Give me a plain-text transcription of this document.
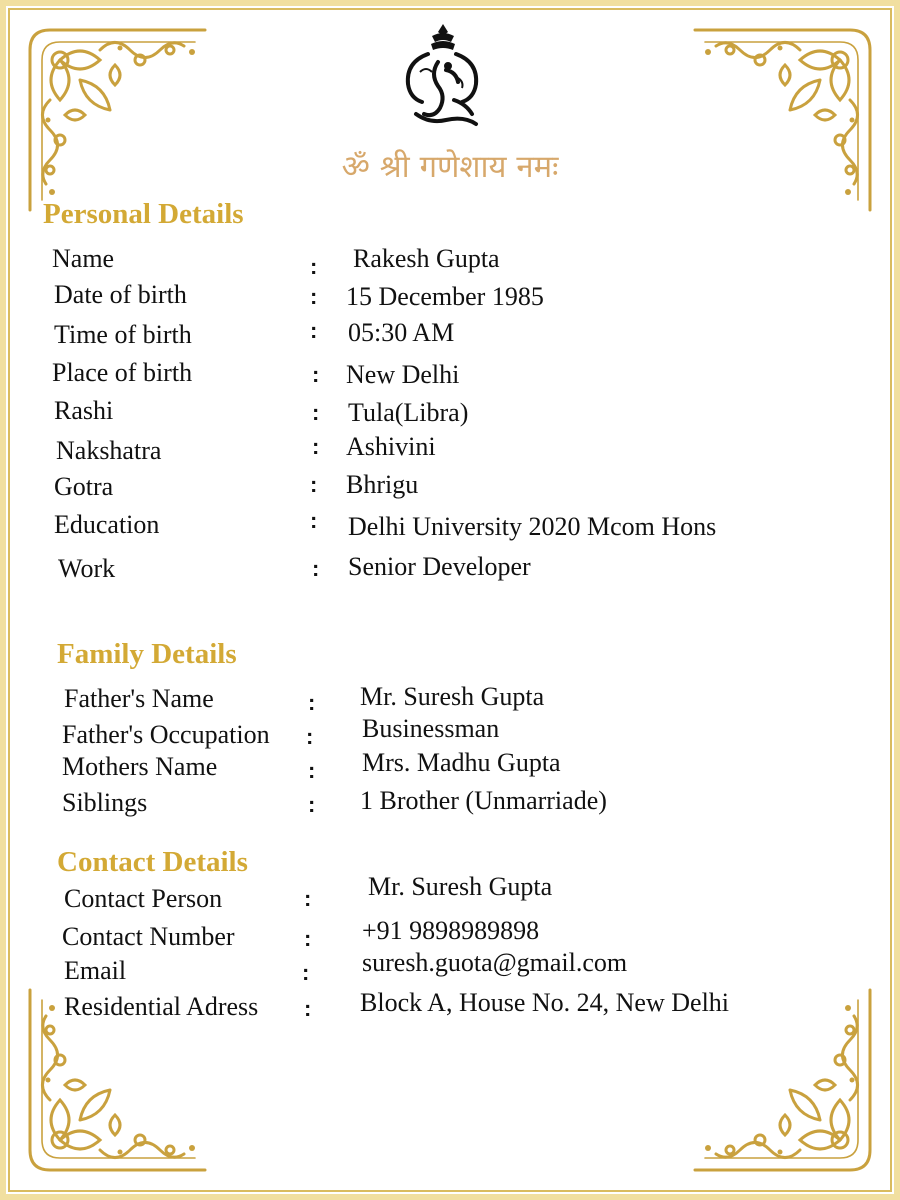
ॐ श्री गणेशाय नमः
Personal Details
Family Details
Contact Details
Name	: Rakesh Gupta
Date of birth	: 15 December 1985
Time of birth	: 05:30 AM
Place of birth	: New Delhi
Rashi	: Tula(Libra)
Nakshatra	: Ashivini
Gotra	: Bhrigu
Education	: Delhi University 2020 Mcom Hons
Work	: Senior Developer
Father's Name	: Mr. Suresh Gupta
Father's Occupation : Businessman
Mothers Name	: Mrs. Madhu Gupta
Siblings	: 1 Brother (Unmarriade)
Contact Person	: Mr. Suresh Gupta
Contact Number	: +91 9898989898
Email	: suresh.guota@gmail.com
Residential Adress : Block A, House No. 24, New Delhi
